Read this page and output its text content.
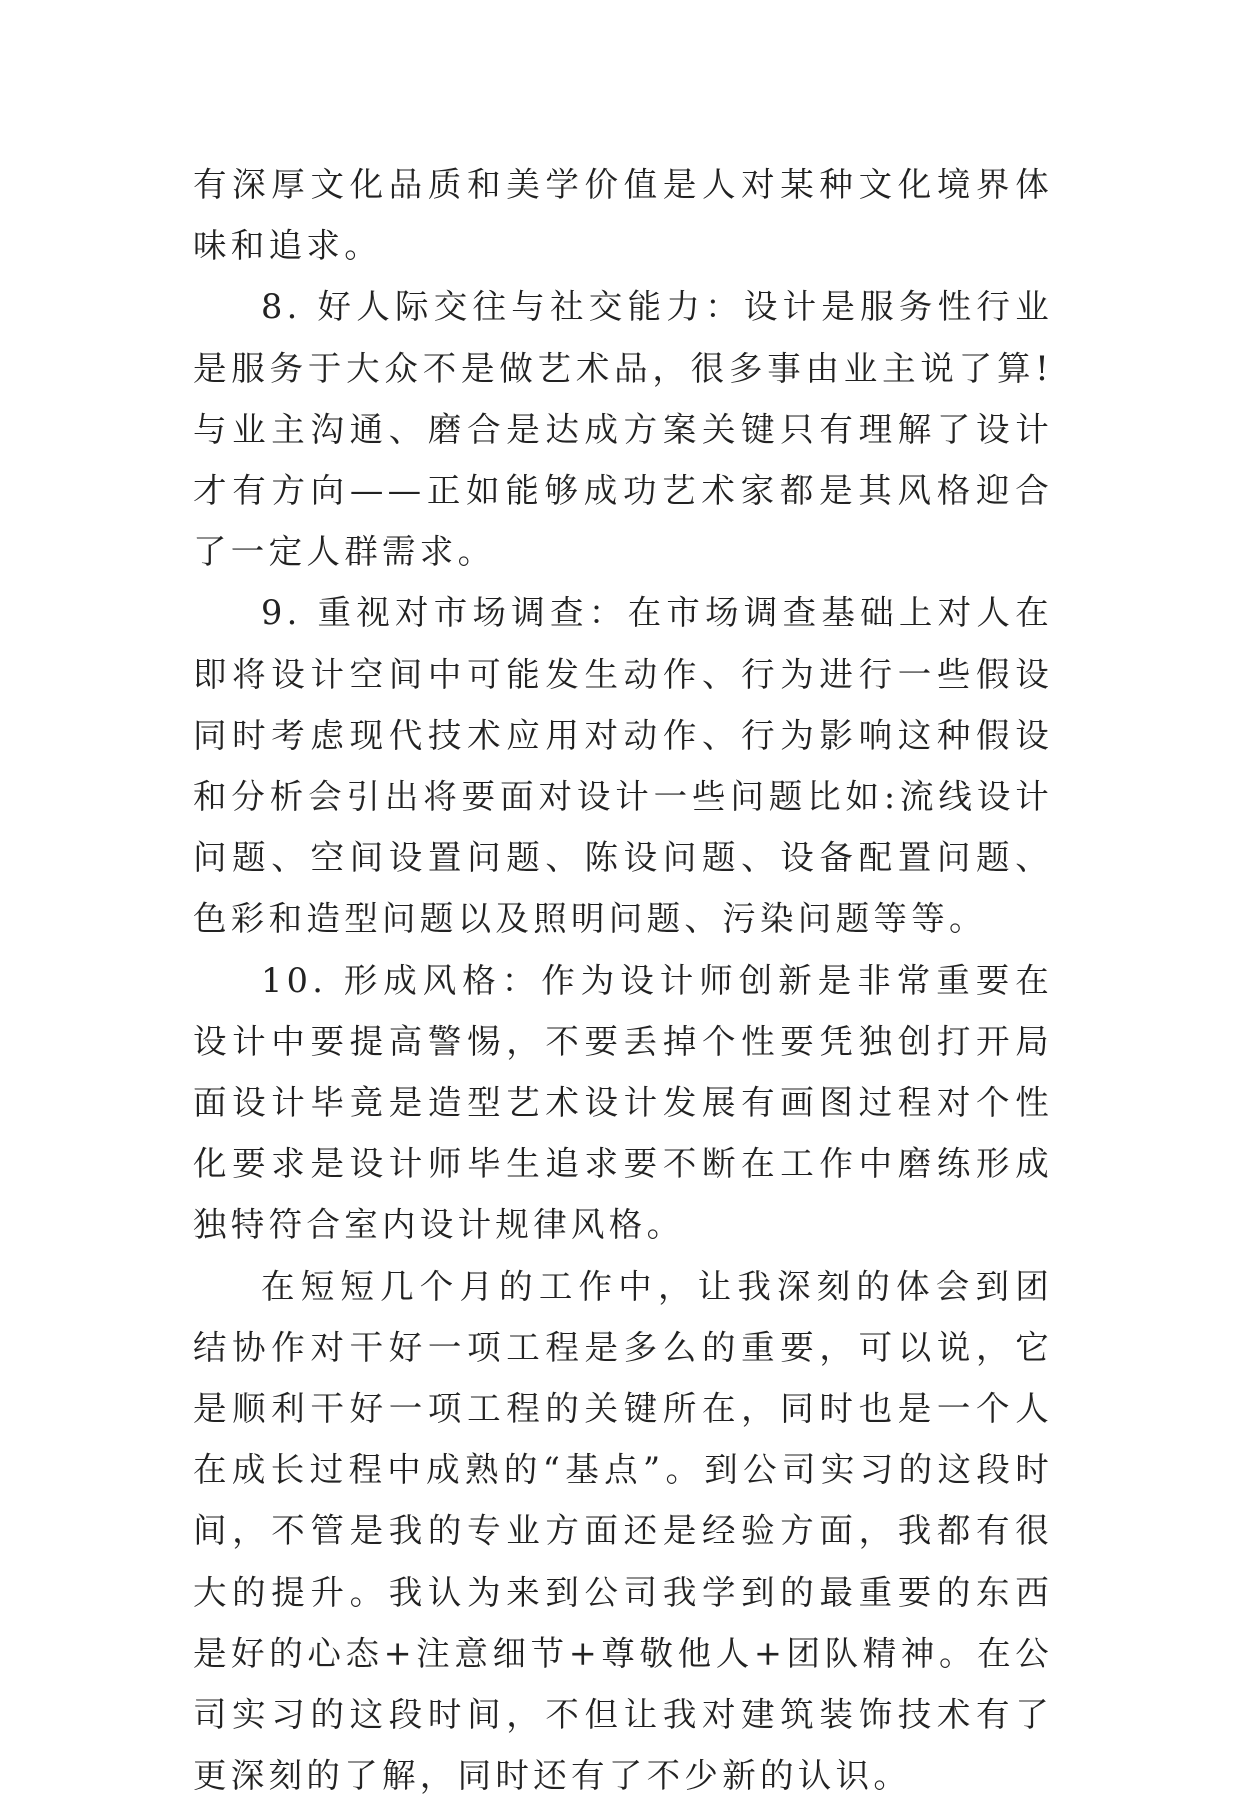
有深厚文化品质和美学价值是人对某种文化境界体味和追求。

8. 好人际交往与社交能力：设计是服务性行业是服务于大众不是做艺术品，很多事由业主说了算!与业主沟通、磨合是达成方案关键只有理解了设计才有方向——正如能够成功艺术家都是其风格迎合了一定人群需求。

9. 重视对市场调查：在市场调查基础上对人在即将设计空间中可能发生动作、行为进行一些假设同时考虑现代技术应用对动作、行为影响这种假设和分析会引出将要面对设计一些问题比如:流线设计问题、空间设置问题、陈设问题、设备配置问题、色彩和造型问题以及照明问题、污染问题等等。

10. 形成风格：作为设计师创新是非常重要在设计中要提高警惕，不要丢掉个性要凭独创打开局面设计毕竟是造型艺术设计发展有画图过程对个性化要求是设计师毕生追求要不断在工作中磨练形成独特符合室内设计规律风格。

在短短几个月的工作中，让我深刻的体会到团结协作对干好一项工程是多么的重要，可以说，它是顺利干好一项工程的关键所在，同时也是一个人在成长过程中成熟的“基点”。到公司实习的这段时间，不管是我的专业方面还是经验方面，我都有很大的提升。我认为来到公司我学到的最重要的东西是好的心态+注意细节+尊敬他人+团队精神。在公司实习的这段时间，不但让我对建筑装饰技术有了更深刻的了解，同时还有了不少新的认识。
